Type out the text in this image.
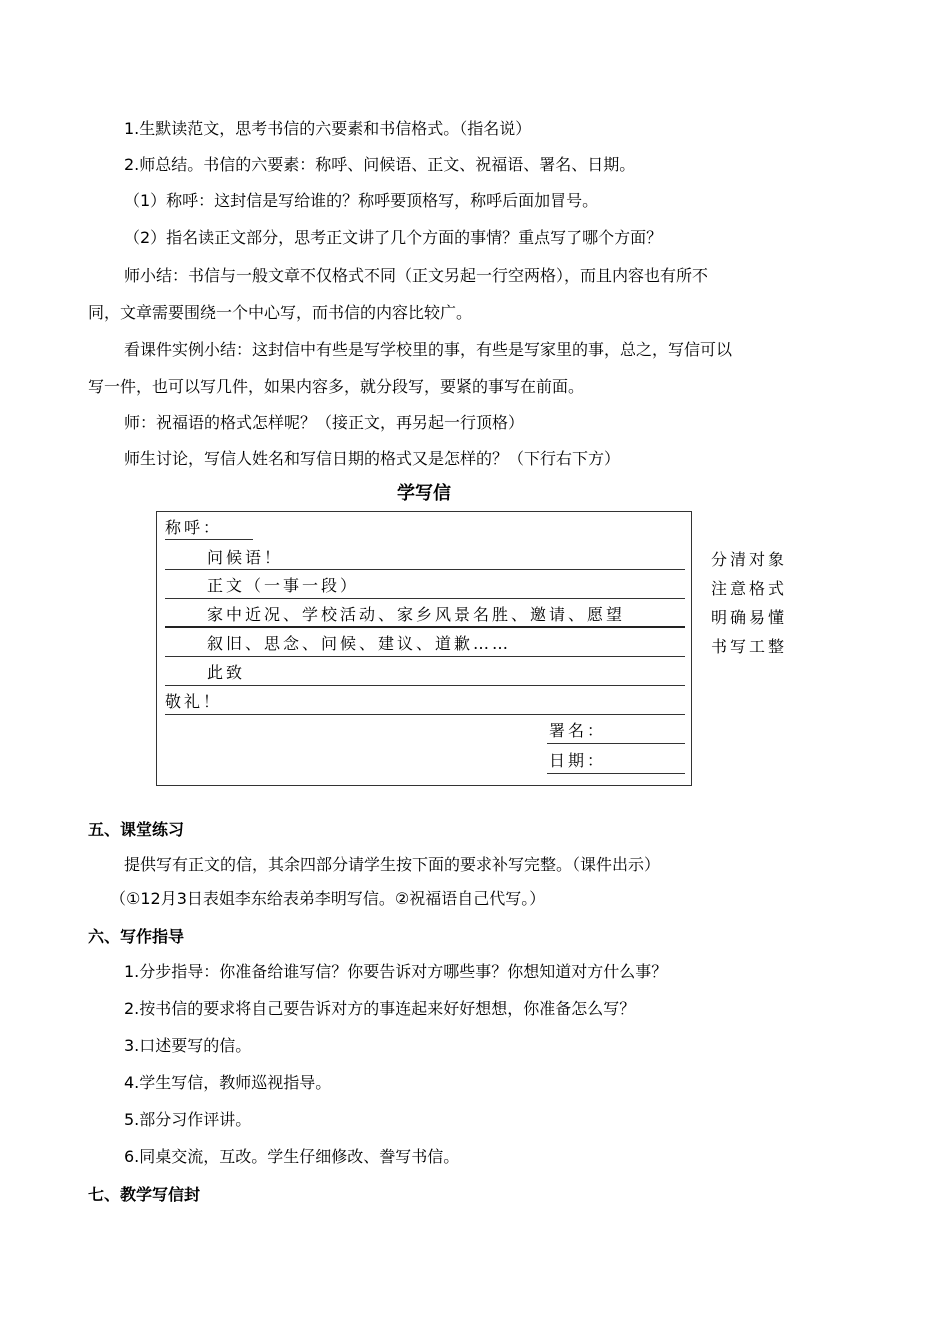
1.生默读范文，思考书信的六要素和书信格式。（指名说）
2.师总结。书信的六要素：称呼、问候语、正文、祝福语、署名、日期。
（1）称呼：这封信是写给谁的？称呼要顶格写，称呼后面加冒号。
（2）指名读正文部分，思考正文讲了几个方面的事情？重点写了哪个方面？
师小结：书信与一般文章不仅格式不同（正文另起一行空两格），而且内容也有所不
同，文章需要围绕一个中心写，而书信的内容比较广。
看课件实例小结：这封信中有些是写学校里的事，有些是写家里的事，总之，写信可以
写一件，也可以写几件，如果内容多，就分段写，要紧的事写在前面。
师：祝福语的格式怎样呢？（接正文，再另起一行顶格）
师生讨论，写信人姓名和写信日期的格式又是怎样的？（下行右下方）
学写信
称呼：
问候语！
正文（一事一段）
家中近况、学校活动、家乡风景名胜、邀请、愿望
叙旧、思念、问候、建议、道歉……
此致
敬礼！
署名：
日期：
分清对象
注意格式
明确易懂
书写工整
五、课堂练习
提供写有正文的信，其余四部分请学生按下面的要求补写完整。（课件出示）
（①12月3日表姐李东给表弟李明写信。②祝福语自己代写。）
六、写作指导
1.分步指导：你准备给谁写信？你要告诉对方哪些事？你想知道对方什么事？
2.按书信的要求将自己要告诉对方的事连起来好好想想，你准备怎么写？
3.口述要写的信。
4.学生写信，教师巡视指导。
5.部分习作评讲。
6.同桌交流，互改。学生仔细修改、誊写书信。
七、教学写信封
